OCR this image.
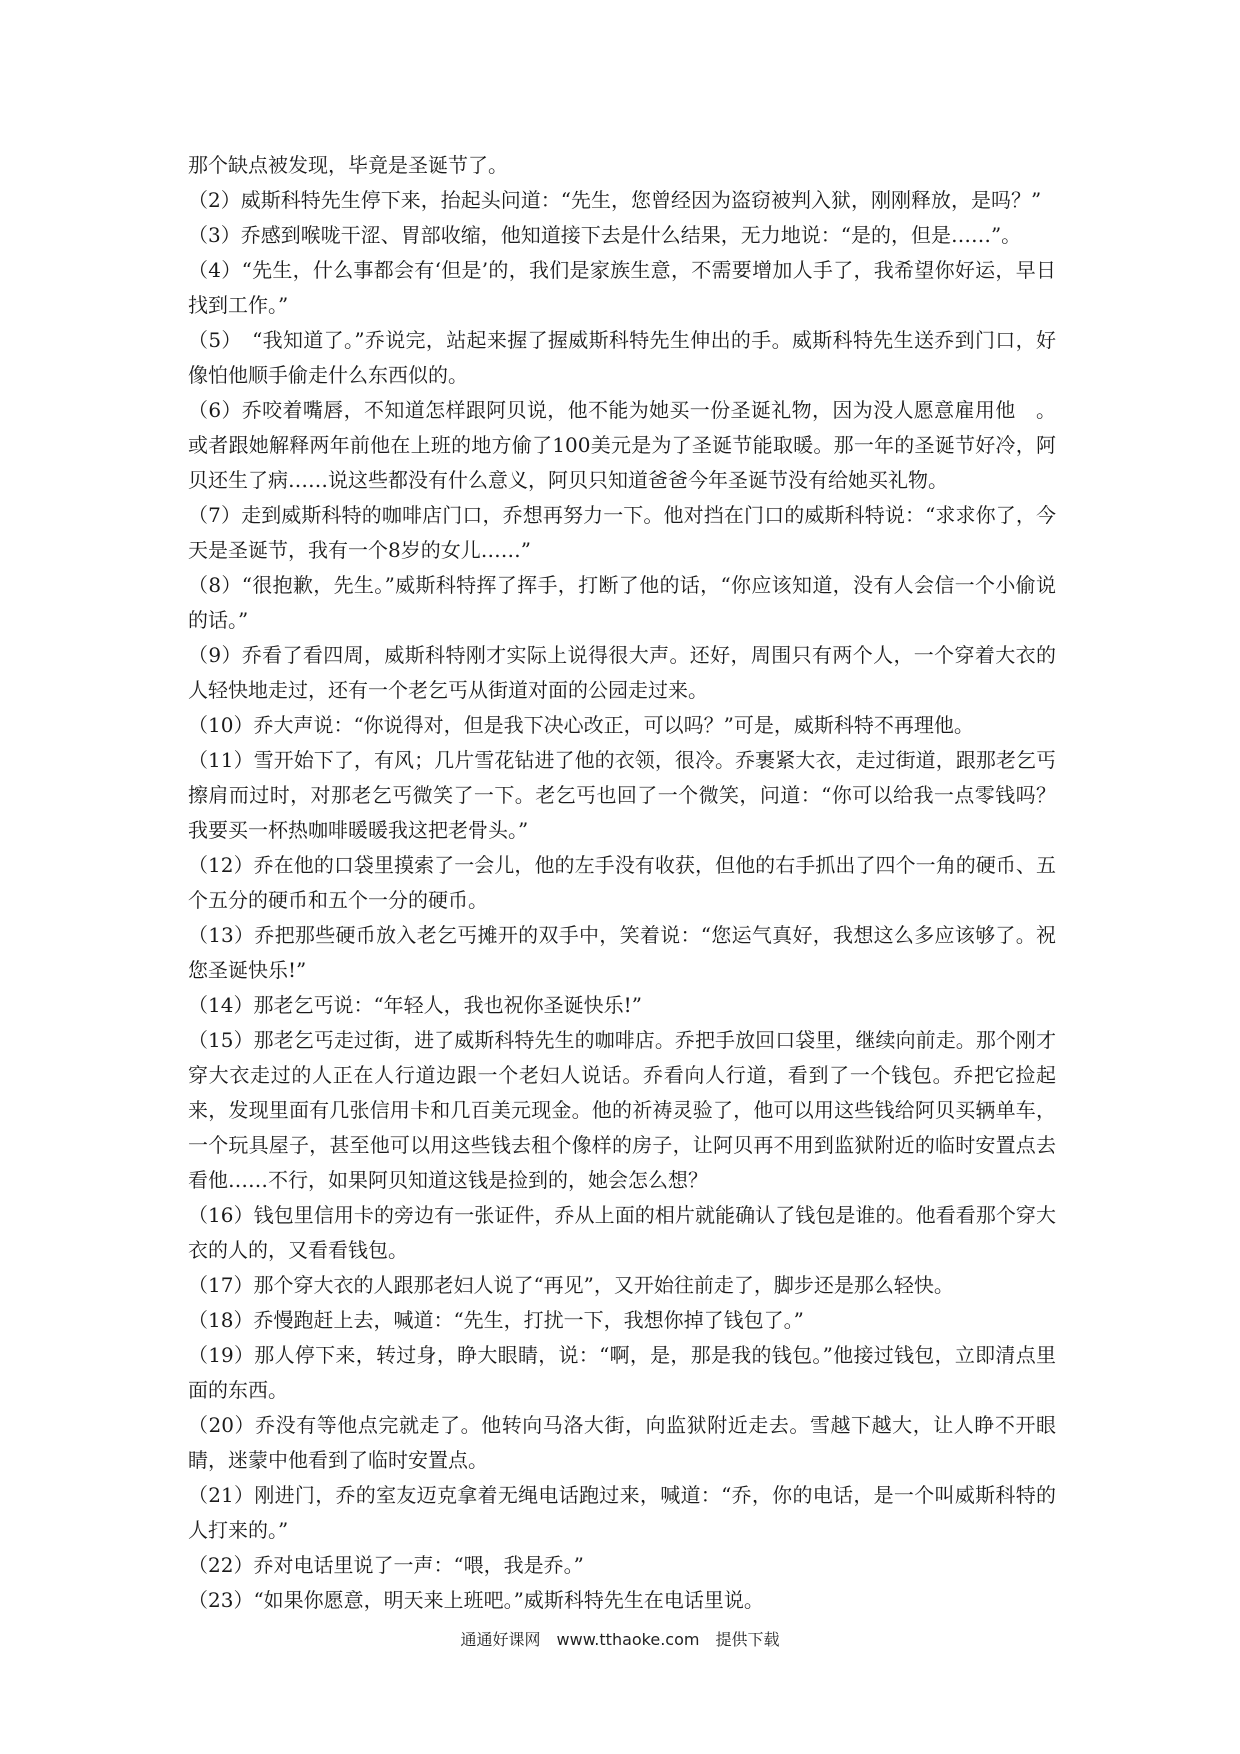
那个缺点被发现，毕竟是圣诞节了。

（2）威斯科特先生停下来，抬起头问道：“先生，您曾经因为盗窃被判入狱，刚刚释放，是吗？”

（3）乔感到喉咙干涩、胃部收缩，他知道接下去是什么结果，无力地说：“是的，但是……”。

（4）“先生，什么事都会有‘但是’的，我们是家族生意，不需要增加人手了，我希望你好运，早日找到工作。”

（5）　“我知道了。”乔说完，站起来握了握威斯科特先生伸出的手。威斯科特先生送乔到门口，好像怕他顺手偷走什么东西似的。

（6）乔咬着嘴唇，不知道怎样跟阿贝说，他不能为她买一份圣诞礼物，因为没人愿意雇用他　。或者跟她解释两年前他在上班的地方偷了100美元是为了圣诞节能取暖。那一年的圣诞节好冷，阿贝还生了病……说这些都没有什么意义，阿贝只知道爸爸今年圣诞节没有给她买礼物。

（7）走到威斯科特的咖啡店门口，乔想再努力一下。他对挡在门口的威斯科特说：“求求你了，今天是圣诞节，我有一个8岁的女儿……”

（8）“很抱歉，先生。”威斯科特挥了挥手，打断了他的话，“你应该知道，没有人会信一个小偷说的话。”

（9）乔看了看四周，威斯科特刚才实际上说得很大声。还好，周围只有两个人，一个穿着大衣的人轻快地走过，还有一个老乞丐从街道对面的公园走过来。

（10）乔大声说：“你说得对，但是我下决心改正，可以吗？”可是，威斯科特不再理他。

（11）雪开始下了，有风；几片雪花钻进了他的衣领，很冷。乔裹紧大衣，走过街道，跟那老乞丐擦肩而过时，对那老乞丐微笑了一下。老乞丐也回了一个微笑，问道：“你可以给我一点零钱吗？我要买一杯热咖啡暖暖我这把老骨头。”

（12）乔在他的口袋里摸索了一会儿，他的左手没有收获，但他的右手抓出了四个一角的硬币、五个五分的硬币和五个一分的硬币。

（13）乔把那些硬币放入老乞丐摊开的双手中，笑着说：“您运气真好，我想这么多应该够了。祝您圣诞快乐!”

（14）那老乞丐说：“年轻人，我也祝你圣诞快乐!”

（15）那老乞丐走过街，进了威斯科特先生的咖啡店。乔把手放回口袋里，继续向前走。那个刚才穿大衣走过的人正在人行道边跟一个老妇人说话。乔看向人行道，看到了一个钱包。乔把它捡起来，发现里面有几张信用卡和几百美元现金。他的祈祷灵验了，他可以用这些钱给阿贝买辆单车，一个玩具屋子，甚至他可以用这些钱去租个像样的房子，让阿贝再不用到监狱附近的临时安置点去看他……不行，如果阿贝知道这钱是捡到的，她会怎么想？

（16）钱包里信用卡的旁边有一张证件，乔从上面的相片就能确认了钱包是谁的。他看看那个穿大衣的人的，又看看钱包。

（17）那个穿大衣的人跟那老妇人说了“再见”，又开始往前走了，脚步还是那么轻快。

（18）乔慢跑赶上去，喊道：“先生，打扰一下，我想你掉了钱包了。”

（19）那人停下来，转过身，睁大眼睛，说：“啊，是，那是我的钱包。”他接过钱包，立即清点里面的东西。

（20）乔没有等他点完就走了。他转向马洛大街，向监狱附近走去。雪越下越大，让人睁不开眼睛，迷蒙中他看到了临时安置点。

（21）刚进门，乔的室友迈克拿着无绳电话跑过来，喊道：“乔，你的电话，是一个叫威斯科特的人打来的。”

（22）乔对电话里说了一声：“喂，我是乔。”

（23）“如果你愿意，明天来上班吧。”威斯科特先生在电话里说。

通通好课网　www.tthaoke.com　提供下载
